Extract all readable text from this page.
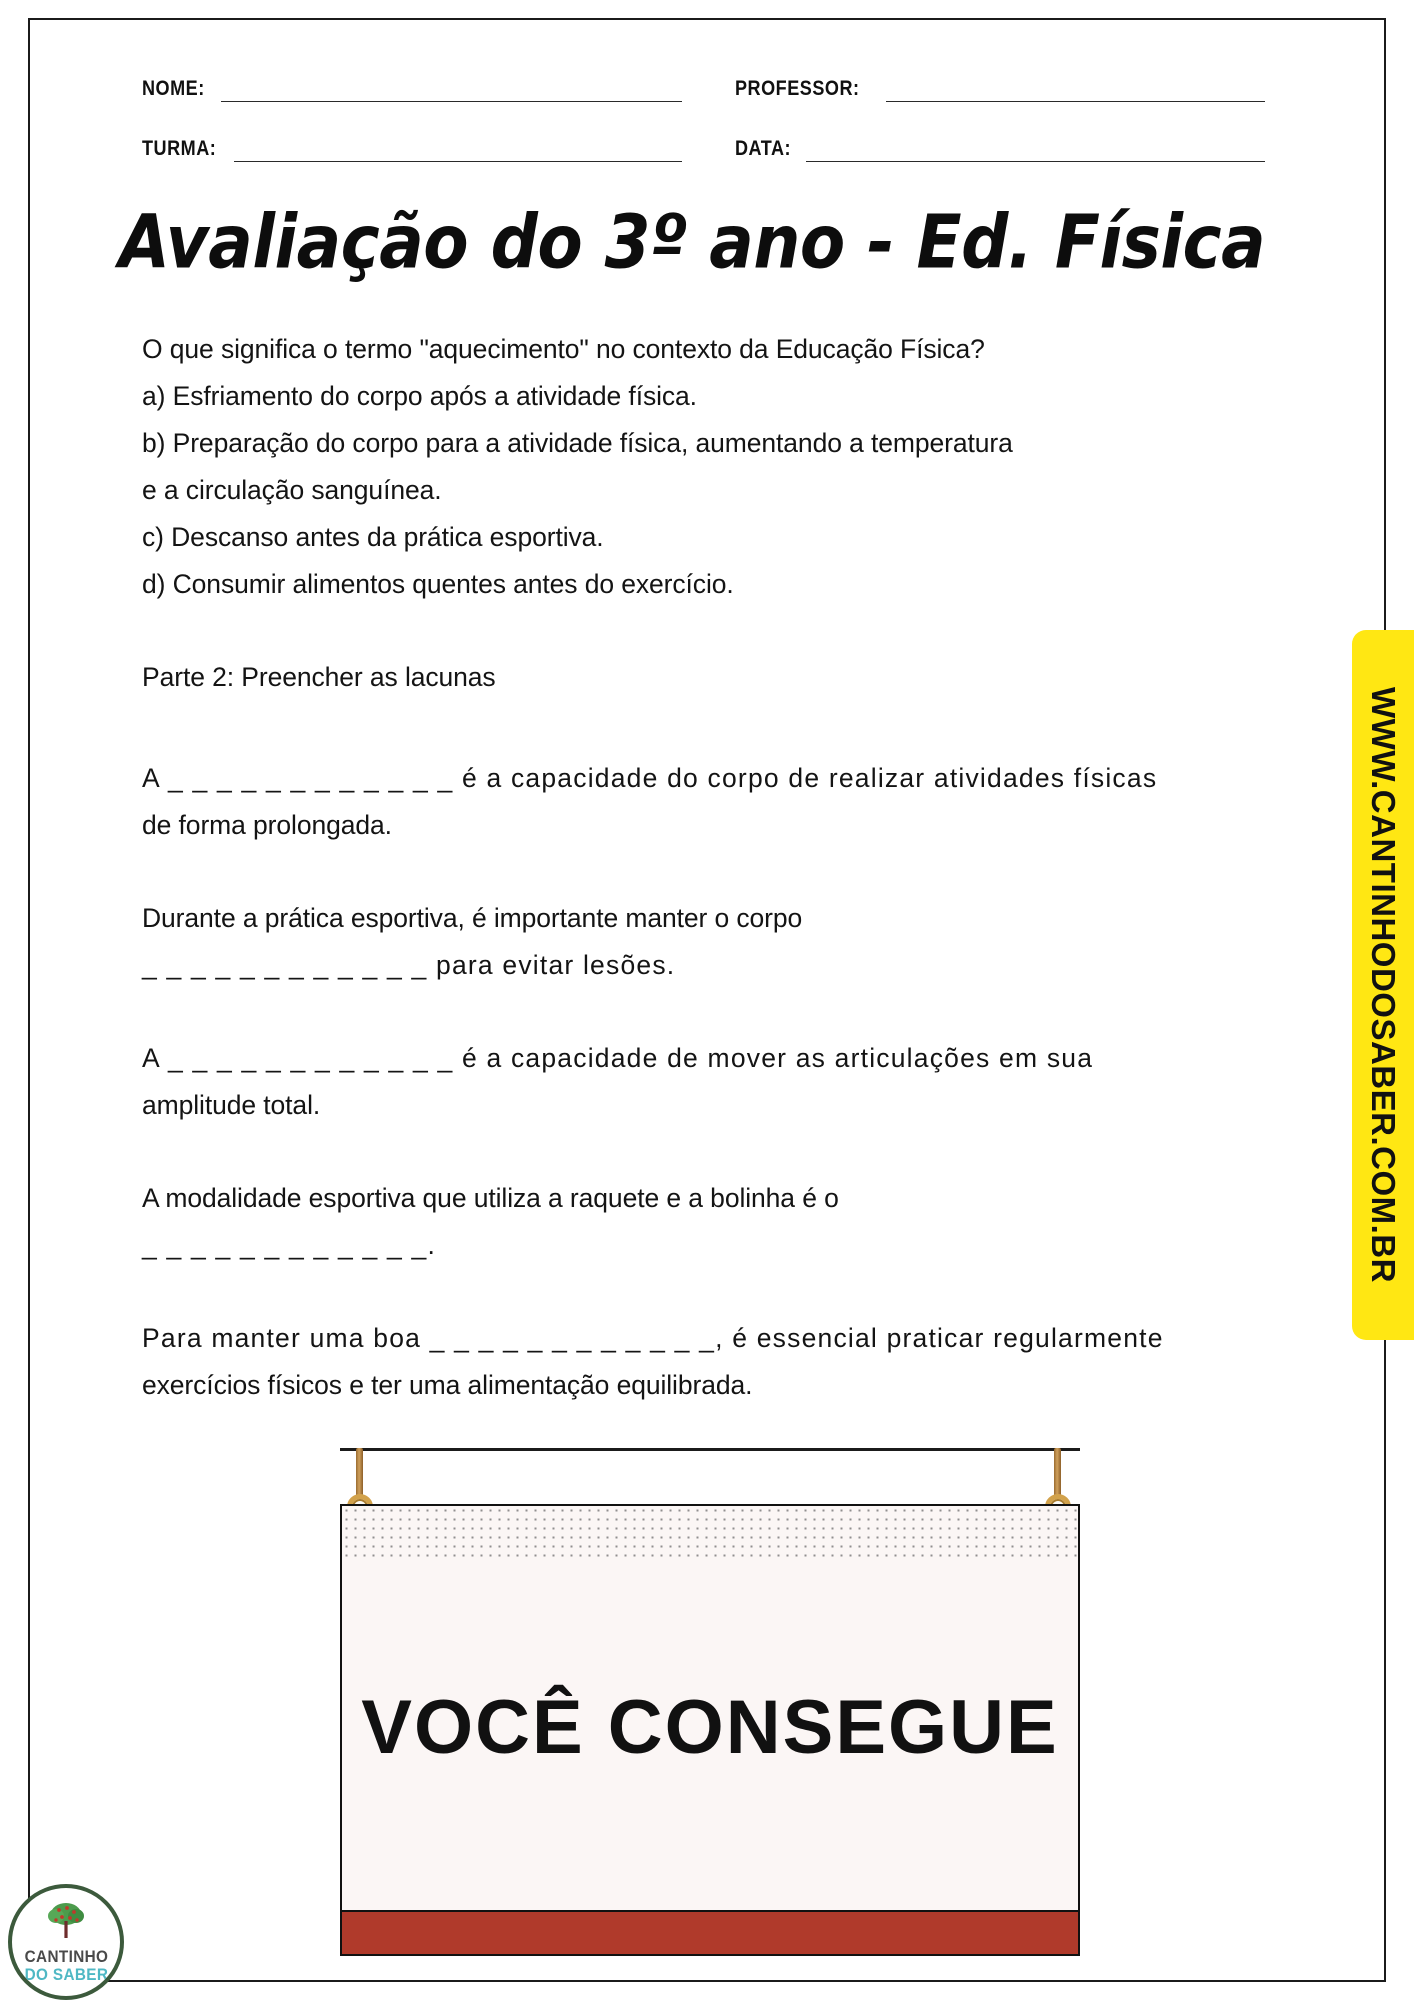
NOME:	PROFESSOR:
TURMA:	DATA:
Avaliação do 3º ano - Ed. Física
O que significa o termo "aquecimento" no contexto da Educação Física?
a) Esfriamento do corpo após a atividade física.
b) Preparação do corpo para a atividade física, aumentando a temperatura
e a circulação sanguínea.
c) Descanso antes da prática esportiva.
d) Consumir alimentos quentes antes do exercício.
Parte 2: Preencher as lacunas
A _ _ _ _ _ _ _ _ _ _ _ _ é a capacidade do corpo de realizar atividades físicas
de forma prolongada.
Durante a prática esportiva, é importante manter o corpo
_ _ _ _ _ _ _ _ _ _ _ _ para evitar lesões.
A _ _ _ _ _ _ _ _ _ _ _ _ é a capacidade de mover as articulações em sua
amplitude total.
A modalidade esportiva que utiliza a raquete e a bolinha é o
_ _ _ _ _ _ _ _ _ _ _ _.
Para manter uma boa _ _ _ _ _ _ _ _ _ _ _ _, é essencial praticar regularmente
exercícios físicos e ter uma alimentação equilibrada.
WWW.CANTINHODOSABER.COM.BR
VOCÊ CONSEGUE
CANTINHO
DO SABER
